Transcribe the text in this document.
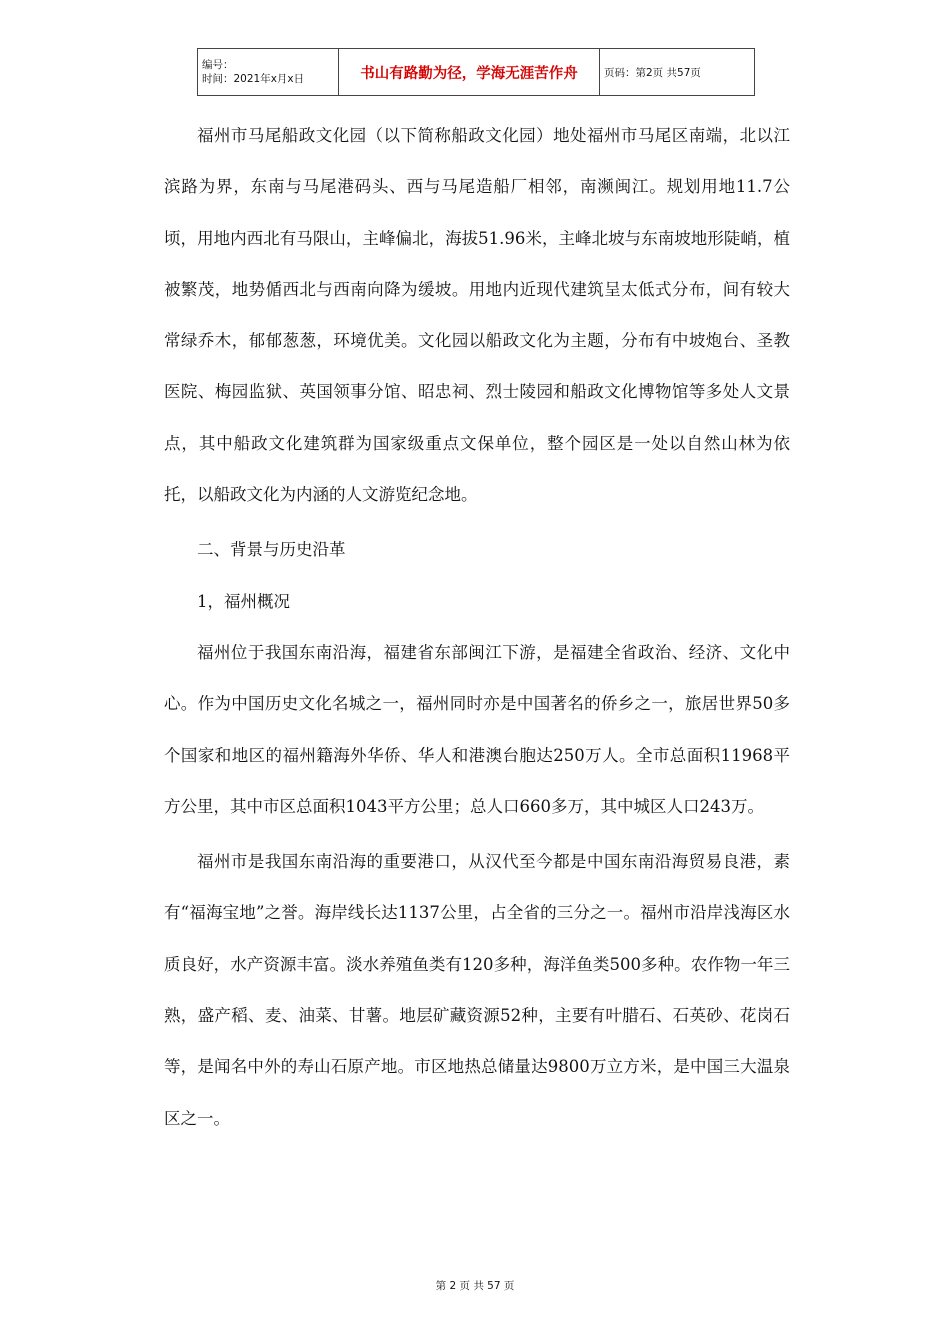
编号：
时间：2021年x月x日	书山有路勤为径，学海无涯苦作舟	页码：第2页 共57页

福州市马尾船政文化园（以下简称船政文化园）地处福州市马尾区南端，北以江滨路为界，东南与马尾港码头、西与马尾造船厂相邻，南濒闽江。规划用地11.7公顷，用地内西北有马限山，主峰偏北，海拔51.96米，主峰北坡与东南坡地形陡峭，植被繁茂，地势偱西北与西南向降为缓坡。用地内近现代建筑呈太低式分布，间有较大常绿乔木，郁郁葱葱，环境优美。文化园以船政文化为主题，分布有中坡炮台、圣教医院、梅园监狱、英国领事分馆、昭忠祠、烈士陵园和船政文化博物馆等多处人文景点，其中船政文化建筑群为国家级重点文保单位，整个园区是一处以自然山林为依托，以船政文化为内涵的人文游览纪念地。

二、背景与历史沿革
1，福州概况

福州位于我国东南沿海，福建省东部闽江下游，是福建全省政治、经济、文化中心。作为中国历史文化名城之一，福州同时亦是中国著名的侨乡之一，旅居世界50多个国家和地区的福州籍海外华侨、华人和港澳台胞达250万人。全市总面积11968平方公里，其中市区总面积1043平方公里；总人口660多万，其中城区人口243万。

福州市是我国东南沿海的重要港口，从汉代至今都是中国东南沿海贸易良港，素有“福海宝地”之誉。海岸线长达1137公里，占全省的三分之一。福州市沿岸浅海区水质良好，水产资源丰富。淡水养殖鱼类有120多种，海洋鱼类500多种。农作物一年三熟，盛产稻、麦、油菜、甘薯。地层矿藏资源52种，主要有叶腊石、石英砂、花岗石等，是闻名中外的寿山石原产地。市区地热总储量达9800万立方米，是中国三大温泉区之一。

第 2 页 共 57 页
